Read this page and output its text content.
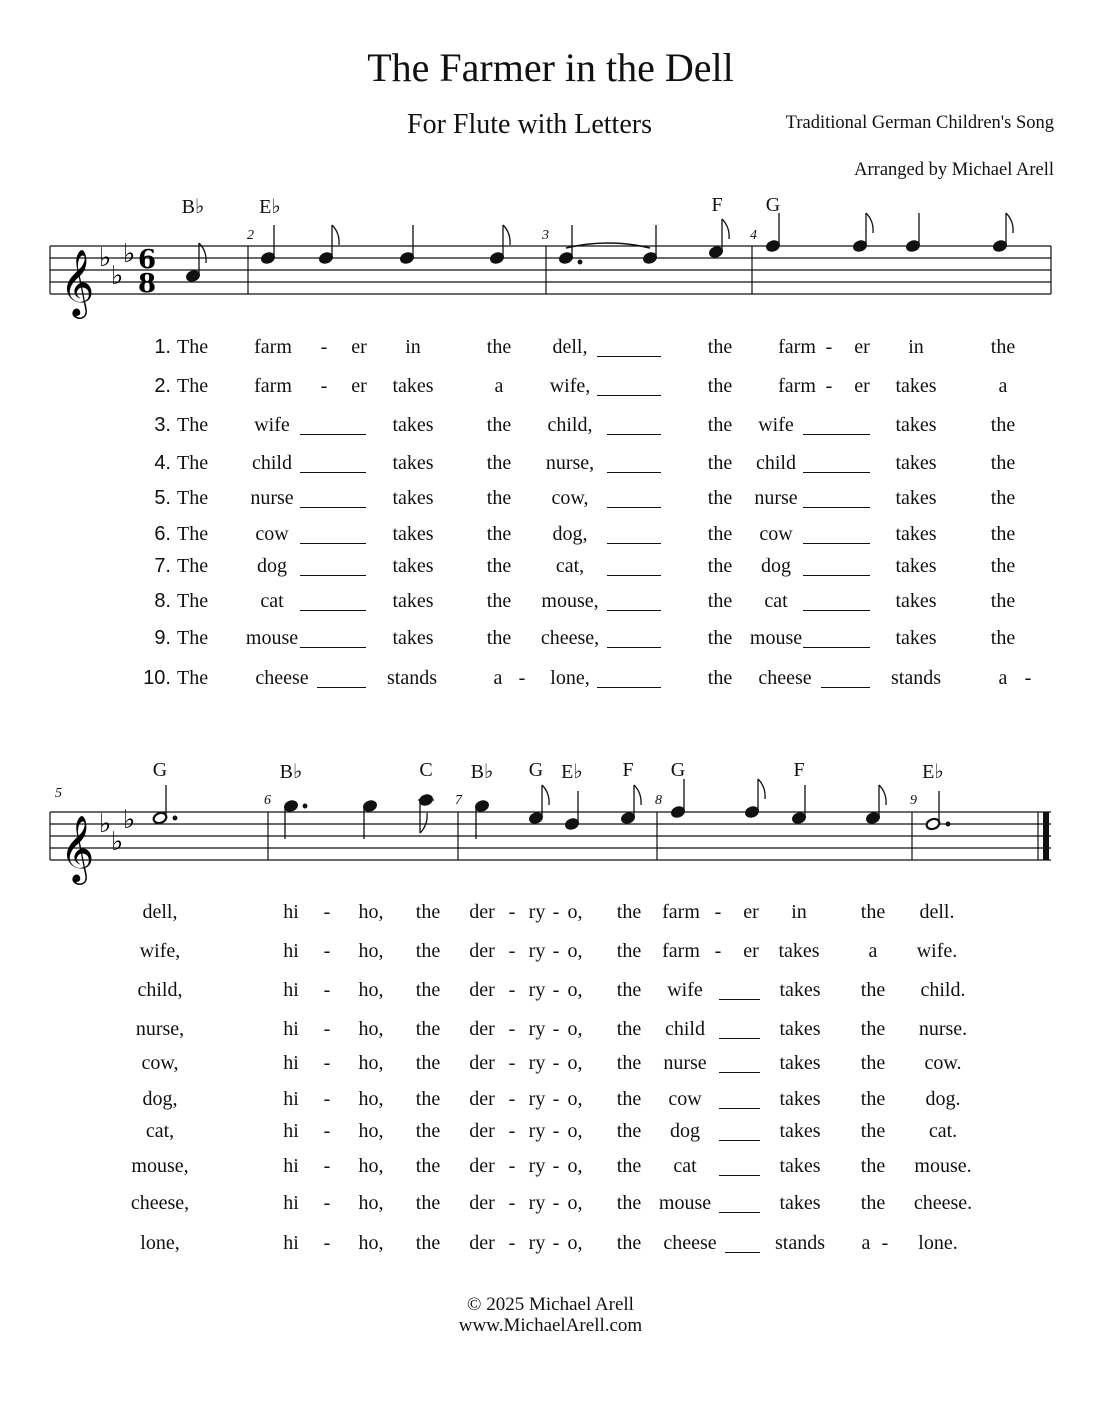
The Farmer in the Dell
For Flute with Letters	Traditional German Children's Song
Arranged by Michael Arell
B♭	E♭	F G
2	3	4
𝄞 ♭
♭
♭ 6
8
1. The farm - er in	the dell,	the farm - er in	the
2. The farm - er takes	a wife,	the farm - er takes	a
3. The wife	takes	the child,	the wife	takes	the
4. The child	takes	the nurse,	the child	takes	the
5. The nurse	takes	the cow,	the nurse	takes	the
6. The cow	takes	the dog,	the cow	takes	the
7. The dog	takes	the cat,	the dog	takes	the
8. The	cat	takes	the mouse,	the cat	takes	the
9. The mouse	takes	the cheese,	the mouse	takes	the
10. The cheese	stands	a - lone,	the cheese	stands	a -
G	B♭	C B♭ G E♭ F G	F	E♭
5	6	7	8	9
𝄞 ♭
♭
♭
dell,	hi - ho, the der - ry - o, the farm - er in	the dell.
wife,	hi - ho, the der - ry - o, the farm - er takes a wife.
child,	hi - ho, the der - ry - o, the wife	takes the child.
nurse,	hi - ho, the der - ry - o, the child	takes the nurse.
cow,	hi - ho, the der - ry - o, the nurse	takes the cow.
dog,	hi - ho, the der - ry - o, the cow	takes the dog.
cat,	hi - ho, the der - ry - o, the dog	takes the cat.
mouse,	hi - ho, the der - ry - o, the cat	takes the mouse.
cheese,	hi - ho, the der - ry - o, the mouse	takes the cheese.
lone,	hi - ho, the der - ry - o, the cheese	stands a - lone.
© 2025 Michael Arell
www.MichaelArell.com
